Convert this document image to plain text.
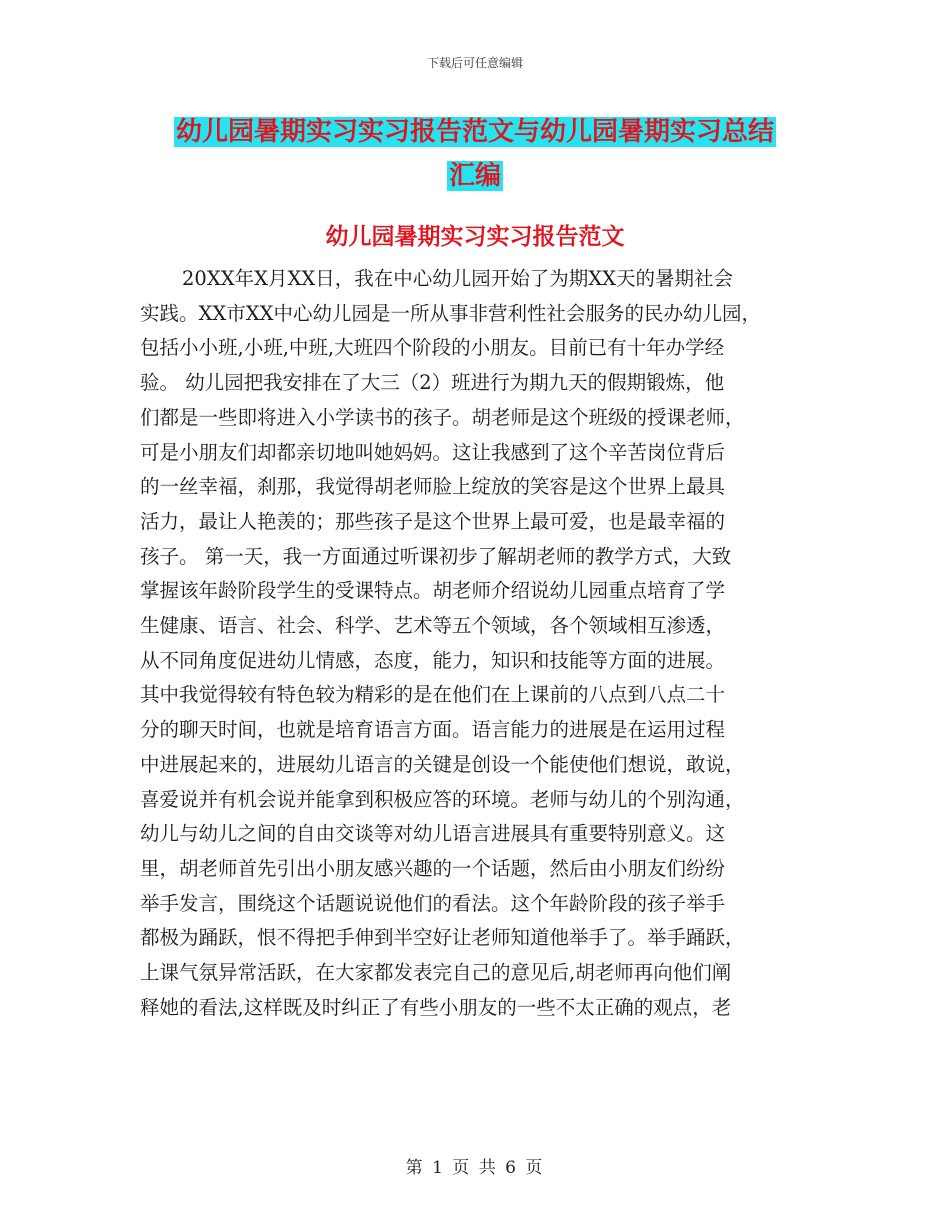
下载后可任意编辑
幼儿园暑期实习实习报告范文与幼儿园暑期实习总结
汇编
幼儿园暑期实习实习报告范文
20XX年X月XX日，我在中心幼儿园开始了为期XX天的暑期社会
实践。XX市XX中心幼儿园是一所从事非营利性社会服务的民办幼儿园，
包括小小班,小班,中班,大班四个阶段的小朋友。目前已有十年办学经
验。 幼儿园把我安排在了大三（2）班进行为期九天的假期锻炼，他
们都是一些即将进入小学读书的孩子。胡老师是这个班级的授课老师，
可是小朋友们却都亲切地叫她妈妈。这让我感到了这个辛苦岗位背后
的一丝幸福，刹那，我觉得胡老师脸上绽放的笑容是这个世界上最具
活力，最让人艳羡的；那些孩子是这个世界上最可爱，也是最幸福的
孩子。 第一天，我一方面通过听课初步了解胡老师的教学方式，大致
掌握该年龄阶段学生的受课特点。胡老师介绍说幼儿园重点培育了学
生健康、语言、社会、科学、艺术等五个领域，各个领域相互渗透，
从不同角度促进幼儿情感，态度，能力，知识和技能等方面的进展。
其中我觉得较有特色较为精彩的是在他们在上课前的八点到八点二十
分的聊天时间，也就是培育语言方面。语言能力的进展是在运用过程
中进展起来的，进展幼儿语言的关键是创设一个能使他们想说，敢说，
喜爱说并有机会说并能拿到积极应答的环境。老师与幼儿的个别沟通，
幼儿与幼儿之间的自由交谈等对幼儿语言进展具有重要特别意义。这
里，胡老师首先引出小朋友感兴趣的一个话题，然后由小朋友们纷纷
举手发言，围绕这个话题说说他们的看法。这个年龄阶段的孩子举手
都极为踊跃，恨不得把手伸到半空好让老师知道他举手了。举手踊跃，
上课气氛异常活跃，在大家都发表完自己的意见后,胡老师再向他们阐
释她的看法,这样既及时纠正了有些小朋友的一些不太正确的观点，老
第 1 页 共 6 页
